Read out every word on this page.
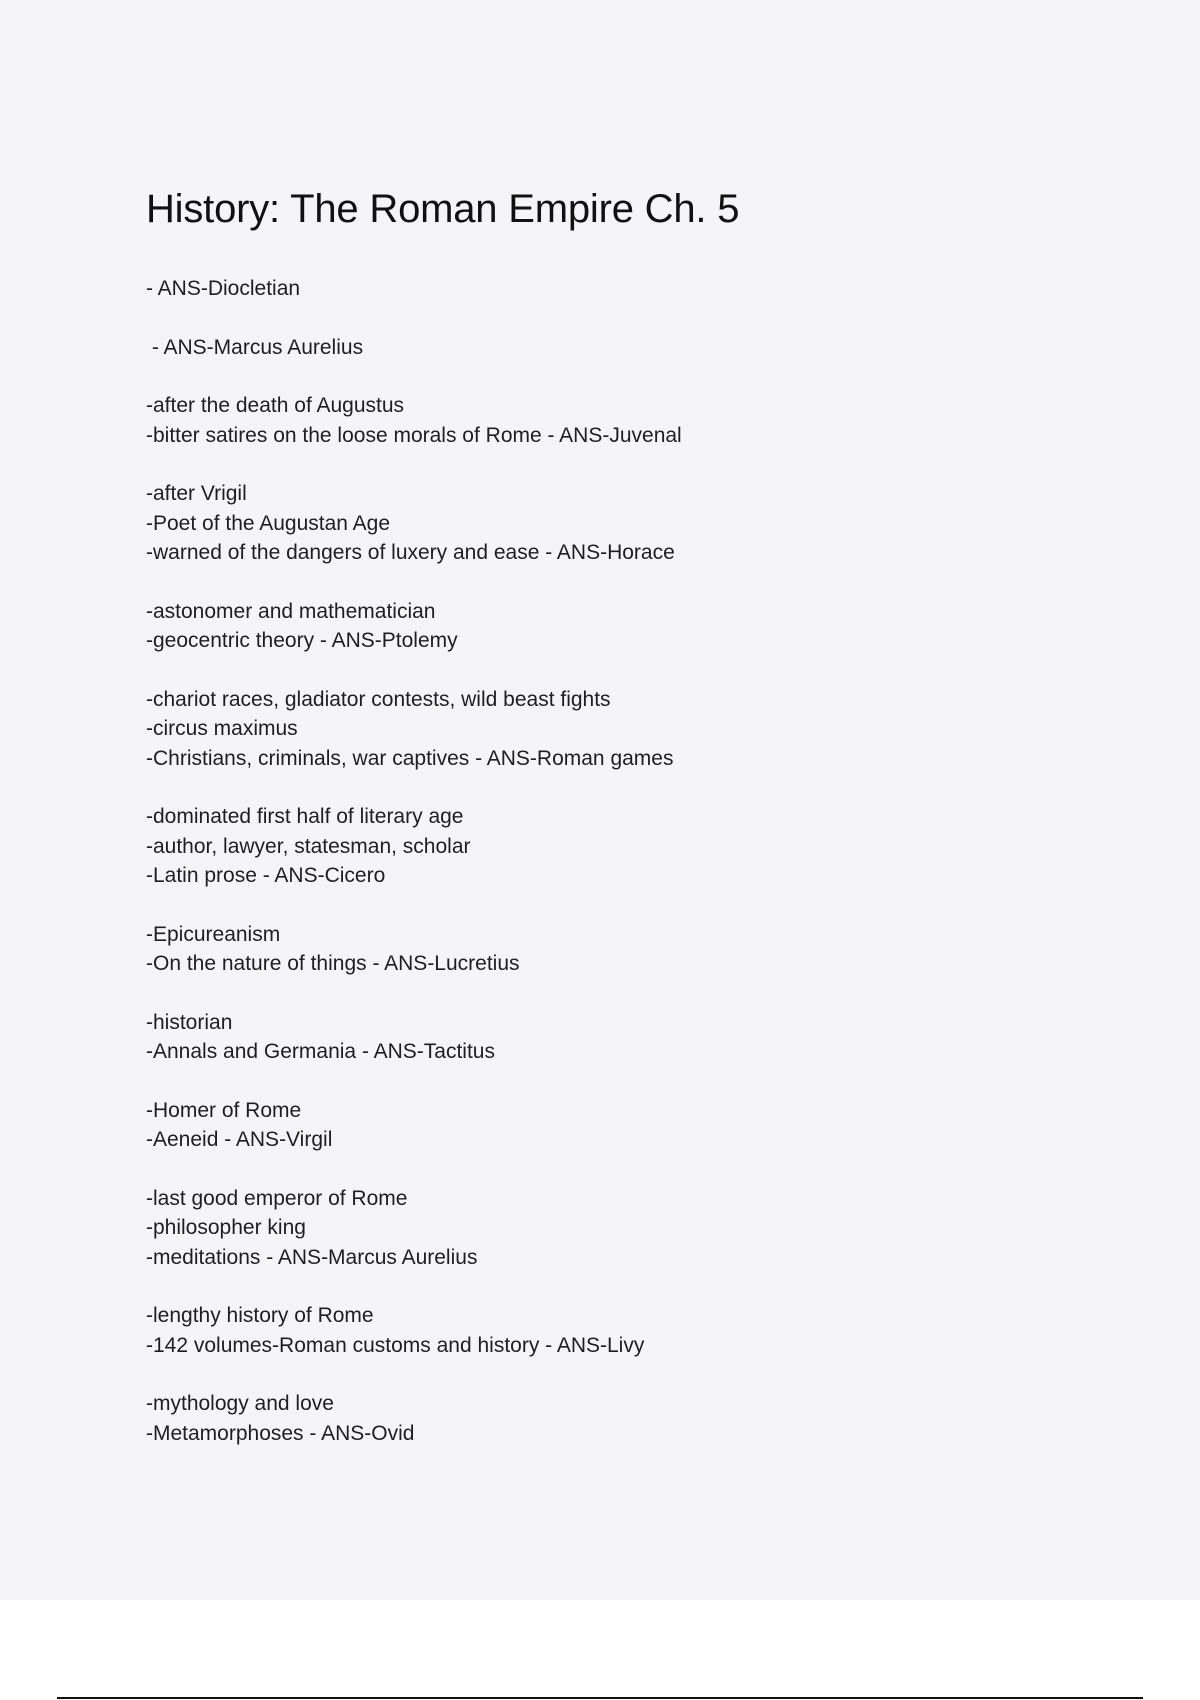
History: The Roman Empire Ch. 5
- ANS-Diocletian
- ANS-Marcus Aurelius
-after the death of Augustus
-bitter satires on the loose morals of Rome - ANS-Juvenal
-after Vrigil
-Poet of the Augustan Age
-warned of the dangers of luxery and ease - ANS-Horace
-astonomer and mathematician
-geocentric theory - ANS-Ptolemy
-chariot races, gladiator contests, wild beast fights
-circus maximus
-Christians, criminals, war captives - ANS-Roman games
-dominated first half of literary age
-author, lawyer, statesman, scholar
-Latin prose - ANS-Cicero
-Epicureanism
-On the nature of things - ANS-Lucretius
-historian
-Annals and Germania - ANS-Tactitus
-Homer of Rome
-Aeneid - ANS-Virgil
-last good emperor of Rome
-philosopher king
-meditations - ANS-Marcus Aurelius
-lengthy history of Rome
-142 volumes-Roman customs and history - ANS-Livy
-mythology and love
-Metamorphoses - ANS-Ovid
